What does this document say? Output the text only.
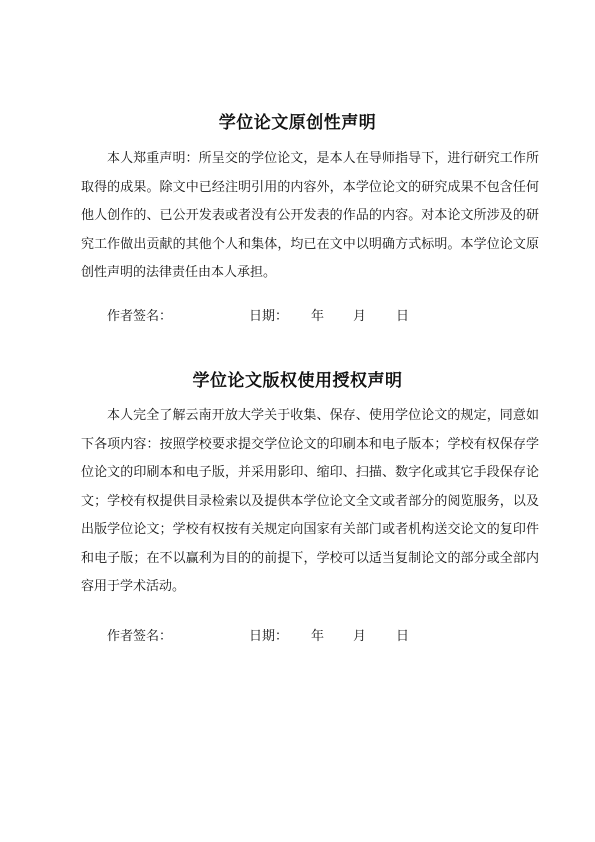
学位论文原创性声明
本人郑重声明：所呈交的学位论文，是本人在导师指导下，进行研究工作所取得的成果。除文中已经注明引用的内容外，本学位论文的研究成果不包含任何他人创作的、已公开发表或者没有公开发表的作品的内容。对本论文所涉及的研究工作做出贡献的其他个人和集体，均已在文中以明确方式标明。本学位论文原创性声明的法律责任由本人承担。
作者签名：	日期： 年 月 日
学位论文版权使用授权声明
本人完全了解云南开放大学关于收集、保存、使用学位论文的规定，同意如下各项内容：按照学校要求提交学位论文的印刷本和电子版本；学校有权保存学位论文的印刷本和电子版，并采用影印、缩印、扫描、数字化或其它手段保存论文；学校有权提供目录检索以及提供本学位论文全文或者部分的阅览服务，以及出版学位论文；学校有权按有关规定向国家有关部门或者机构送交论文的复印件和电子版；在不以赢利为目的的前提下，学校可以适当复制论文的部分或全部内容用于学术活动。
作者签名：	日期： 年 月 日
